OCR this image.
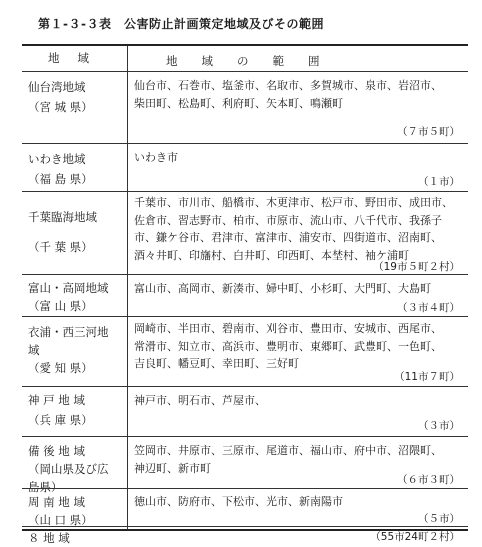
第１-３-３表　公害防止計画策定地域及びその範囲
地域	地域の範囲
仙台湾地域
（宮 城 県）
仙台市、石巻市、塩釜市、名取市、多賀城市、泉市、岩沼市、
柴田町、松島町、利府町、矢本町、鳴瀬町
（７市５町）
いわき地域
（福 島 県）
いわき市
（１市）
千葉臨海地域
（千 葉 県）
千葉市、市川市、船橋市、木更津市、松戸市、野田市、成田市、
佐倉市、習志野市、柏市、市原市、流山市、八千代市、我孫子
市、鎌ケ谷市、君津市、富津市、浦安市、四街道市、沼南町、
酒々井町、印旛村、白井町、印西町、本埜村、袖ケ浦町
（19市５町２村）
富山・高岡地域
（富 山 県）
富山市、高岡市、新湊市、婦中町、小杉町、大門町、大島町
（３市４町）
衣浦・西三河地
域
（愛 知 県）
岡崎市、半田市、碧南市、刈谷市、豊田市、安城市、西尾市、
常滑市、知立市、高浜市、豊明市、東郷町、武豊町、一色町、
吉良町、幡豆町、幸田町、三好町
（11市７町）
神 戸 地 域
（兵 庫 県）
神戸市、明石市、芦屋市、
（３市）
備 後 地 域
（岡山県及び広
島県）
笠岡市、井原市、三原市、尾道市、福山市、府中市、沼隈町、
神辺町、新市町
（６市３町）
周 南 地 域
（山 口 県）
徳山市、防府市、下松市、光市、新南陽市
（５市）
８ 地 域	（55市24町２村）
